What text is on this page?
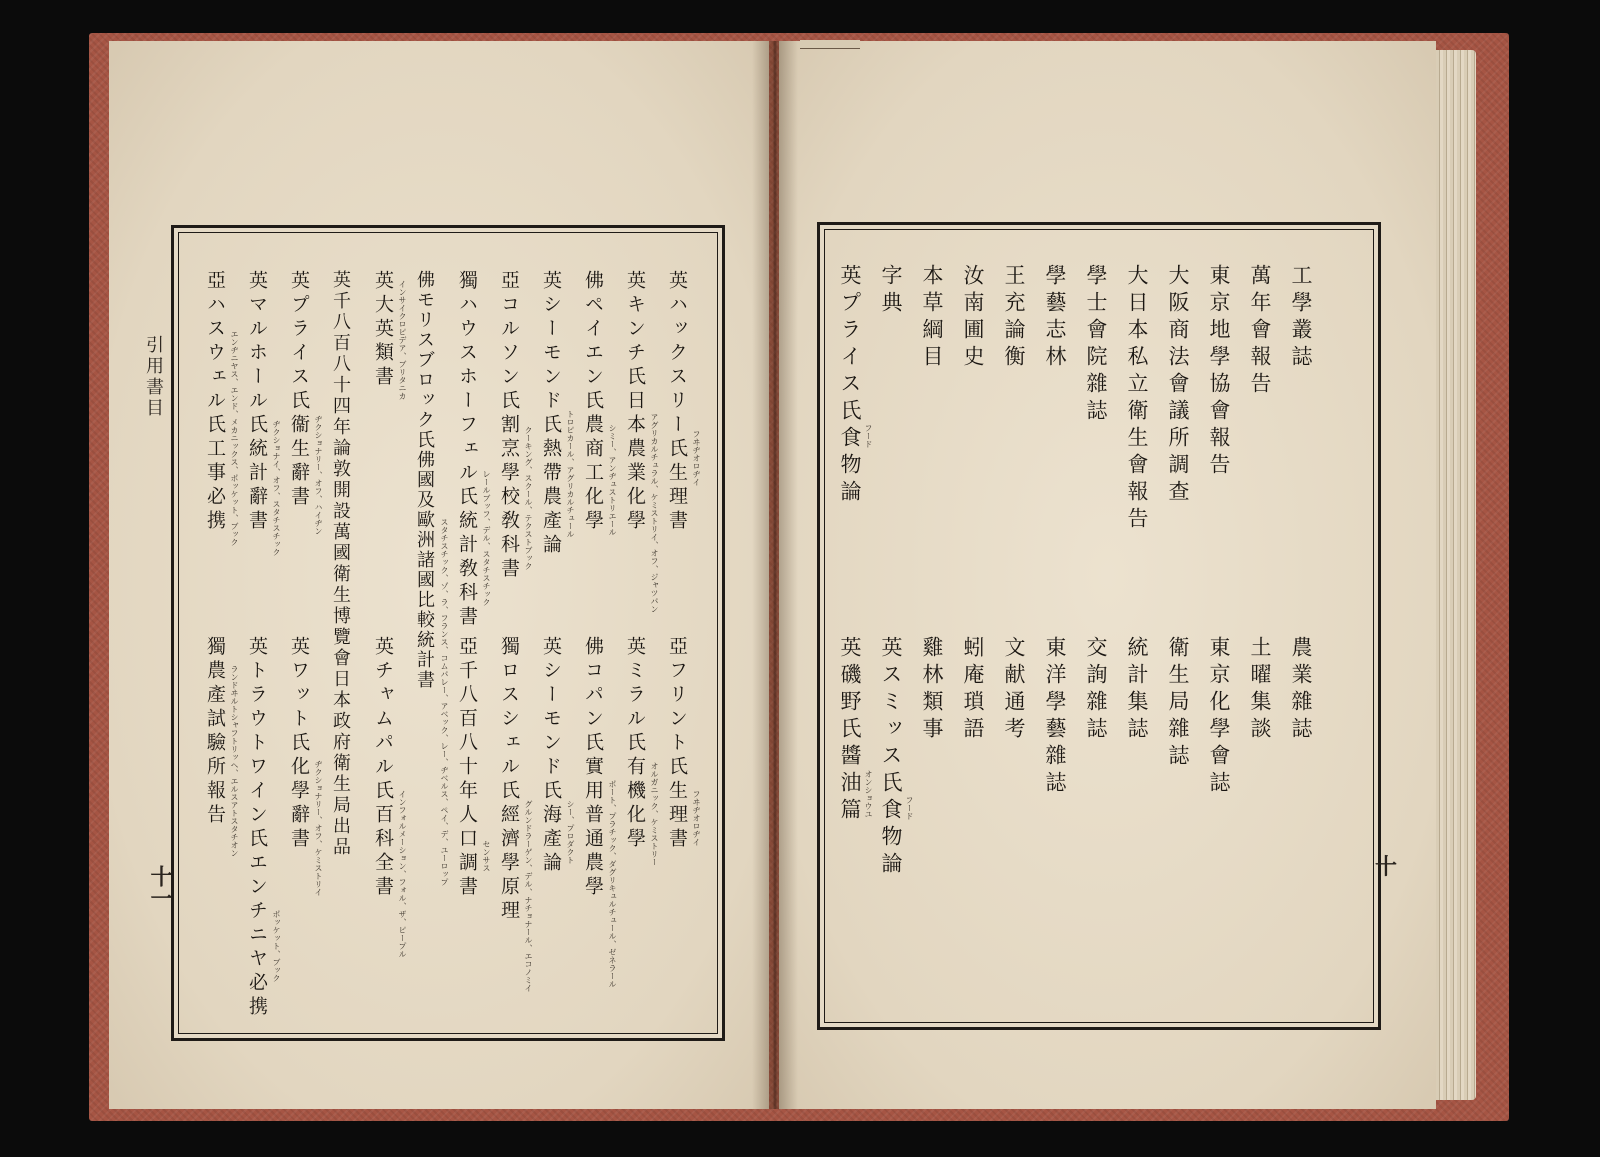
引用書目
十一
英ハックスリー氏生理書
英キンチ氏日本農業化學
佛ペイエン氏農商工化學
英シーモンド氏熱帶農產論
亞コルソン氏割烹學校敎科書
獨ハウスホーフェル氏統計敎科書
佛モリスブロック氏佛國及歐洲諸國比較統計書
英大英類書
英千八百八十四年論敦開設萬國衛生博覽會日本政府衛生局出品
英プライス氏衞生辭書
英マルホール氏統計辭書
亞ハスウェル氏工事必携
亞フリント氏生理書
英ミラル氏有機化學
佛コパン氏實用普通農學
英シーモンド氏海產論
獨ロスシェル氏經濟學原理
亞千八百八十年人口調書
英チャムパル氏百科全書
英ワット氏化學辭書
英トラウトワイン氏エンチニヤ必携
獨農產試驗所報告
フヰヂオロヂイ
アグリカルチュラル、ケミストリイ、オフ、ジャツパン
シミー、アンヂュストリエール
トロピカール、アグリカルチュール
クーキング、スクール、テクストブック
レールブッフ、デル、スタチスチック
スタチスチック、ゾ、ラ、フランス、コムパレー、アベック、レー、ヂベルス、ペイ、デ、ユーロップ
インサイクロピデア、ブリタニカ
ヂクショナリー、オフ、ハイヂン
ヂクショナイ、オフ、スタチスチック
エンヂニヤス、エンド、メカニックス、ポッケット、ブック
フヰヂオロヂイ
オルガニック、ケミストリー
ポート、プラチック、ダグリキュルチュール、ゼネラール
シー、プロダクト
グルンドラーゲン、デル、ナチョナール、エコノミイ
センサス
インフォルメーション、フォル、ザ、ピープル
ヂクショナリー、オフ、ケミストリイ
ポッケット、ブック
ランドヰルトシャフトリッヘ、エルスアトスタチオン
十
工學叢誌
萬年會報告
東京地學協會報告
大阪商法會議所調查
大日本私立衛生會報告
學士會院雜誌
學藝志林
王充論衡
汝南圃史
本草綱目
字典
英プライス氏食物論
農業雜誌
土曜集談
東京化學會誌
衛生局雜誌
統計集誌
交詢雜誌
東洋學藝雜誌
文献通考
蚓庵瑣語
雞林類事
英スミッス氏食物論
英磯野氏醬油篇
フード
フード
オンショウユ
